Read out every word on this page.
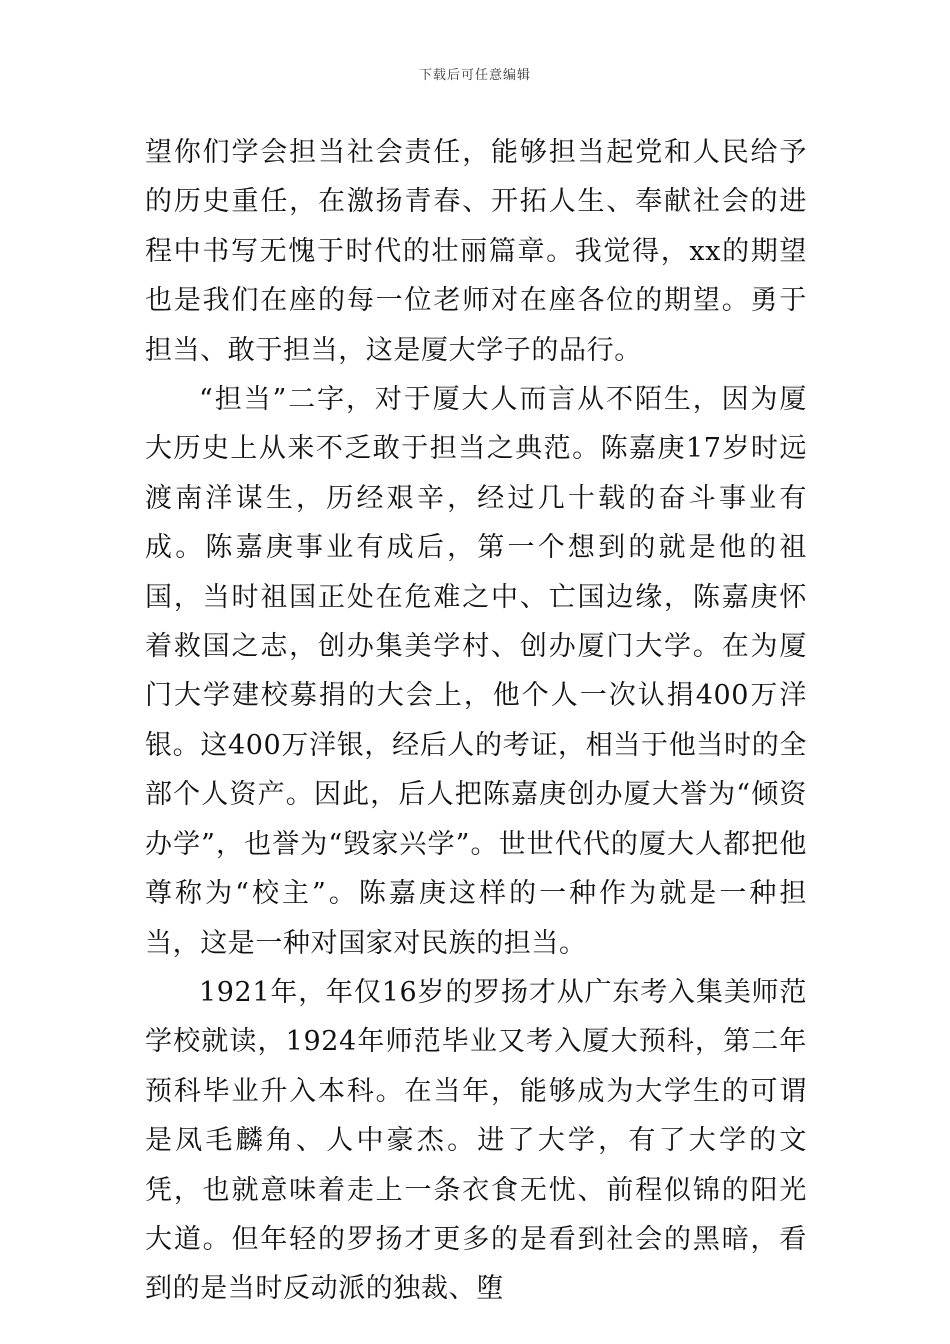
下载后可任意编辑

望你们学会担当社会责任，能够担当起党和人民给予的历史重任，在激扬青春、开拓人生、奉献社会的进程中书写无愧于时代的壮丽篇章。我觉得，xx的期望也是我们在座的每一位老师对在座各位的期望。勇于担当、敢于担当，这是厦大学子的品行。

“担当”二字，对于厦大人而言从不陌生，因为厦大历史上从来不乏敢于担当之典范。陈嘉庚17岁时远渡南洋谋生，历经艰辛，经过几十载的奋斗事业有成。陈嘉庚事业有成后，第一个想到的就是他的祖国，当时祖国正处在危难之中、亡国边缘，陈嘉庚怀着救国之志，创办集美学村、创办厦门大学。在为厦门大学建校募捐的大会上，他个人一次认捐400万洋银。这400万洋银，经后人的考证，相当于他当时的全部个人资产。因此，后人把陈嘉庚创办厦大誉为“倾资办学”，也誉为“毁家兴学”。世世代代的厦大人都把他尊称为“校主”。陈嘉庚这样的一种作为就是一种担当，这是一种对国家对民族的担当。

1921年，年仅16岁的罗扬才从广东考入集美师范学校就读，1924年师范毕业又考入厦大预科，第二年预科毕业升入本科。在当年，能够成为大学生的可谓是凤毛麟角、人中豪杰。进了大学，有了大学的文凭，也就意味着走上一条衣食无忧、前程似锦的阳光大道。但年轻的罗扬才更多的是看到社会的黑暗，看到的是当时反动派的独裁、堕
